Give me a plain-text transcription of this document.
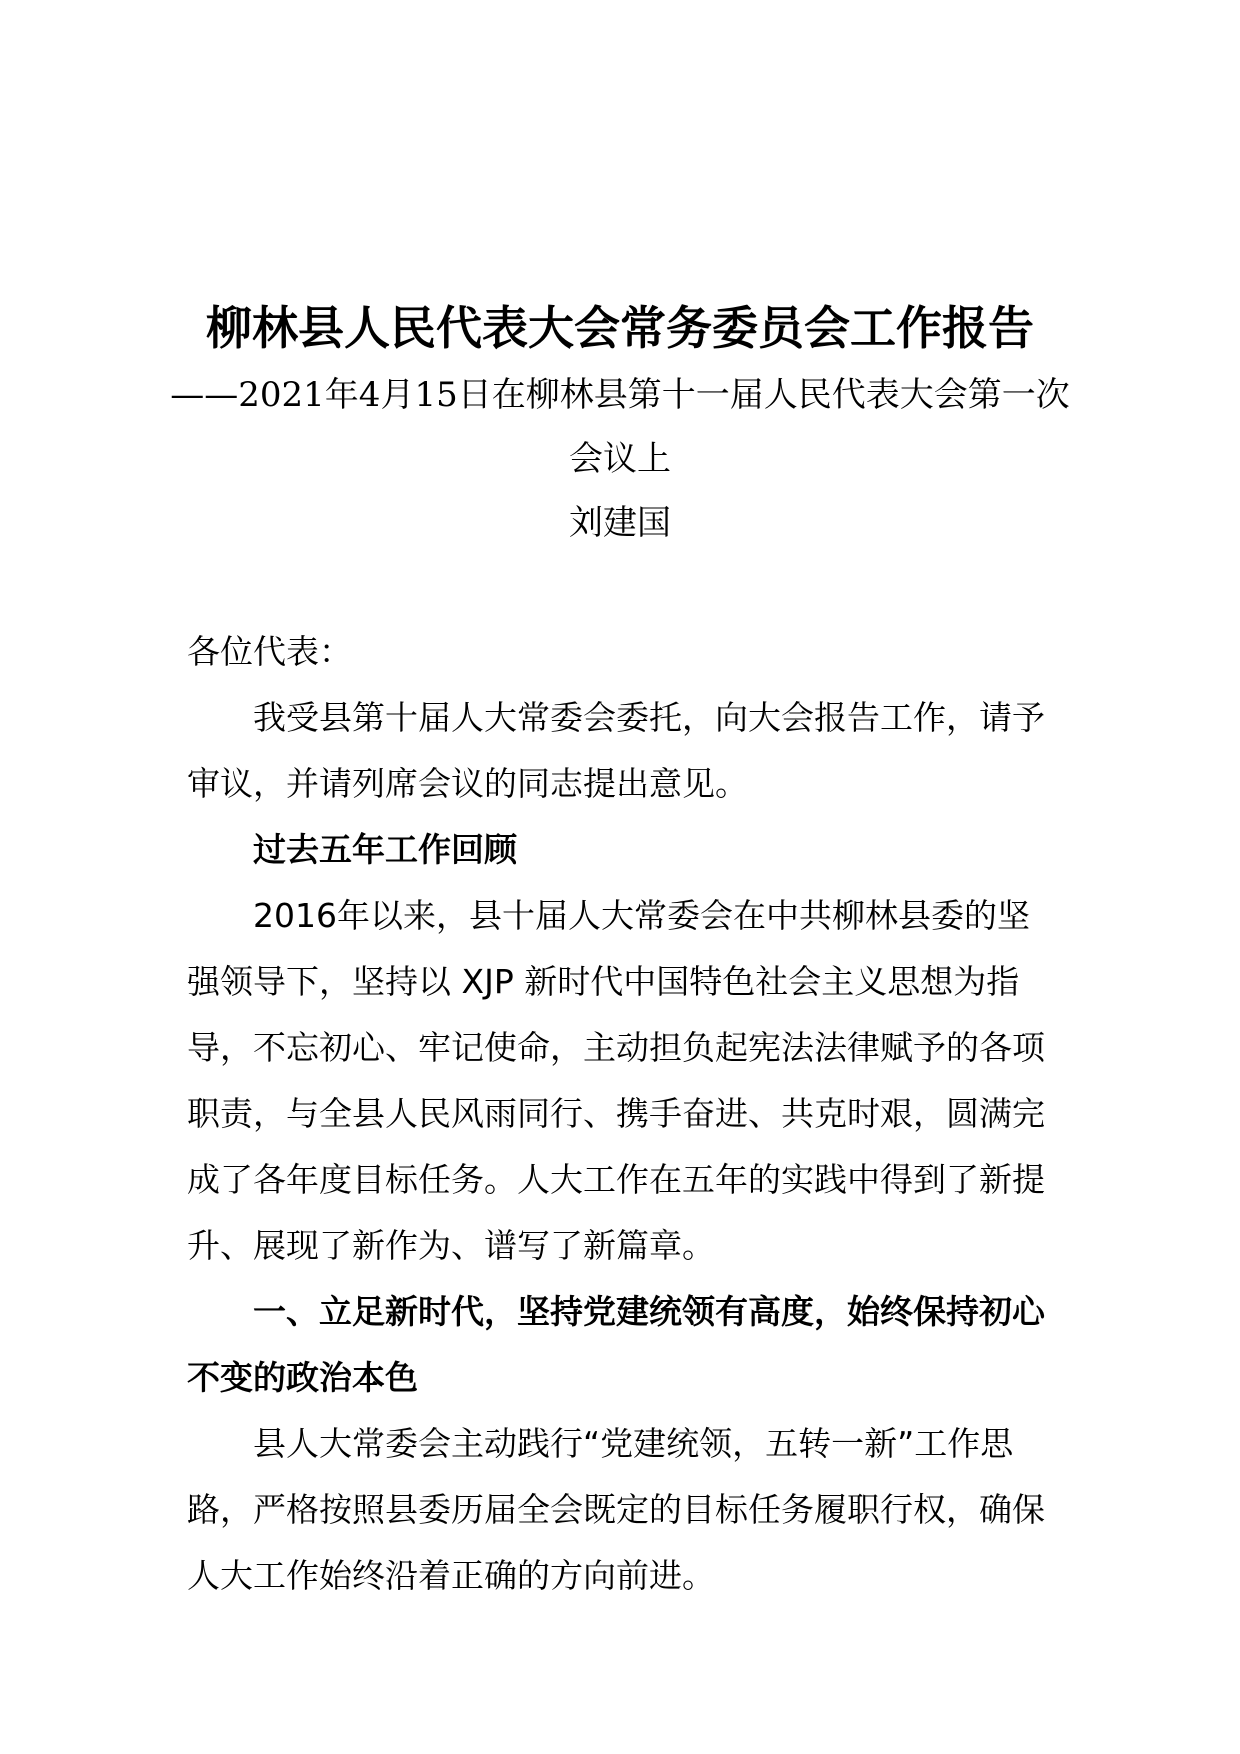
柳林县人民代表大会常务委员会工作报告
——2021年4月15日在柳林县第十一届人民代表大会第一次
会议上
刘建国

各位代表：

我受县第十届人大常委会委托，向大会报告工作，请予审议，并请列席会议的同志提出意见。

过去五年工作回顾

2016年以来，县十届人大常委会在中共柳林县委的坚强领导下，坚持以 XJP 新时代中国特色社会主义思想为指导，不忘初心、牢记使命，主动担负起宪法法律赋予的各项职责，与全县人民风雨同行、携手奋进、共克时艰，圆满完成了各年度目标任务。人大工作在五年的实践中得到了新提升、展现了新作为、谱写了新篇章。

一、立足新时代，坚持党建统领有高度，始终保持初心不变的政治本色

县人大常委会主动践行“党建统领，五转一新”工作思路，严格按照县委历届全会既定的目标任务履职行权，确保人大工作始终沿着正确的方向前进。
